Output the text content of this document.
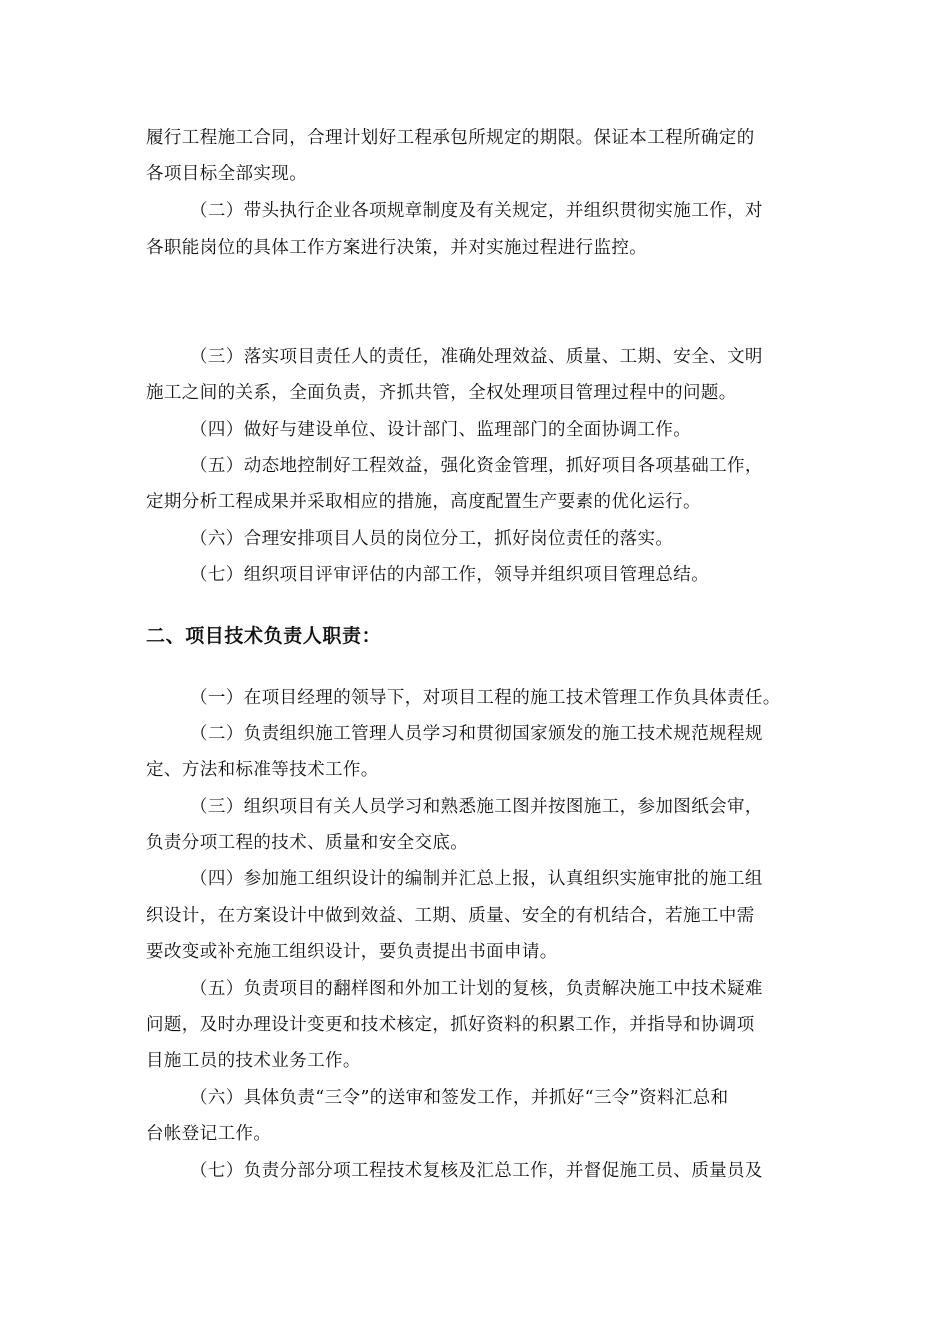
履行工程施工合同，合理计划好工程承包所规定的期限。保证本工程所确定的
各项目标全部实现。
（二）带头执行企业各项规章制度及有关规定，并组织贯彻实施工作，对
各职能岗位的具体工作方案进行决策，并对实施过程进行监控。
（三）落实项目责任人的责任，准确处理效益、质量、工期、安全、文明
施工之间的关系，全面负责，齐抓共管，全权处理项目管理过程中的问题。
（四）做好与建设单位、设计部门、监理部门的全面协调工作。
（五）动态地控制好工程效益，强化资金管理，抓好项目各项基础工作，
定期分析工程成果并采取相应的措施，高度配置生产要素的优化运行。
（六）合理安排项目人员的岗位分工，抓好岗位责任的落实。
（七）组织项目评审评估的内部工作，领导并组织项目管理总结。
二、项目技术负责人职责：
（一）在项目经理的领导下，对项目工程的施工技术管理工作负具体责任。
（二）负责组织施工管理人员学习和贯彻国家颁发的施工技术规范规程规
定、方法和标准等技术工作。
（三）组织项目有关人员学习和熟悉施工图并按图施工，参加图纸会审，
负责分项工程的技术、质量和安全交底。
（四）参加施工组织设计的编制并汇总上报，认真组织实施审批的施工组
织设计，在方案设计中做到效益、工期、质量、安全的有机结合，若施工中需
要改变或补充施工组织设计，要负责提出书面申请。
（五）负责项目的翻样图和外加工计划的复核，负责解决施工中技术疑难
问题，及时办理设计变更和技术核定，抓好资料的积累工作，并指导和协调项
目施工员的技术业务工作。
（六）具体负责“三令”的送审和签发工作，并抓好“三令”资料汇总和
台帐登记工作。
（七）负责分部分项工程技术复核及汇总工作，并督促施工员、质量员及
